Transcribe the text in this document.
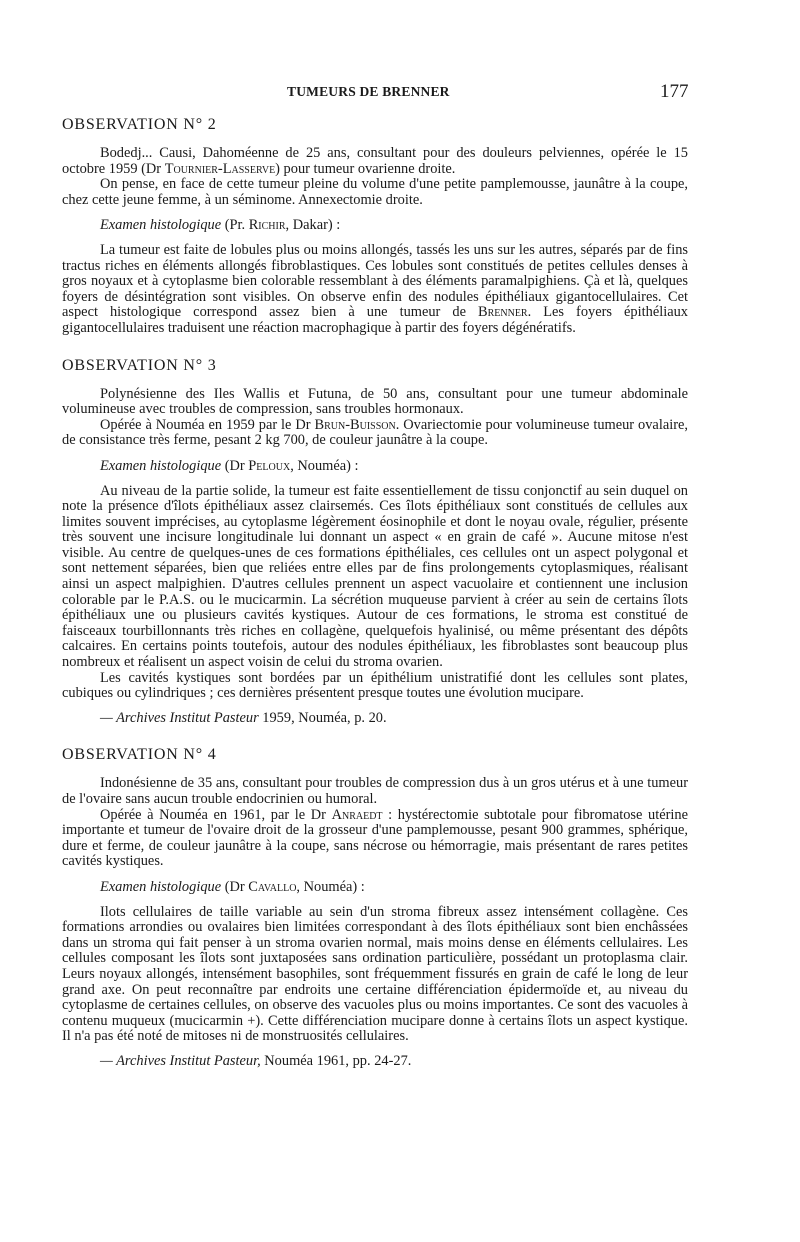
TUMEURS DE BRENNER	177
OBSERVATION N° 2

Bodedj... Causi, Dahoméenne de 25 ans, consultant pour des douleurs pelviennes, opérée le 15 octobre 1959 (Dr Tournier-Lasserve) pour tumeur ovarienne droite.

On pense, en face de cette tumeur pleine du volume d'une petite pamplemousse, jaunâtre à la coupe, chez cette jeune femme, à un séminome. Annexectomie droite.

Examen histologique (Pr. Richir, Dakar) :

La tumeur est faite de lobules plus ou moins allongés, tassés les uns sur les autres, séparés par de fins tractus riches en éléments allongés fibroblastiques. Ces lobules sont constitués de petites cellules denses à gros noyaux et à cytoplasme bien colorable ressemblant à des éléments paramalpighiens. Çà et là, quelques foyers de désintégration sont visibles. On observe enfin des nodules épithéliaux gigantocellulaires. Cet aspect histologique correspond assez bien à une tumeur de Brenner. Les foyers épithéliaux gigantocellulaires traduisent une réaction macrophagique à partir des foyers dégénératifs.

OBSERVATION N° 3

Polynésienne des Iles Wallis et Futuna, de 50 ans, consultant pour une tumeur abdominale volumineuse avec troubles de compression, sans troubles hormonaux.

Opérée à Nouméa en 1959 par le Dr Brun-Buisson. Ovariectomie pour volumineuse tumeur ovalaire, de consistance très ferme, pesant 2 kg 700, de couleur jaunâtre à la coupe.

Examen histologique (Dr Peloux, Nouméa) :

Au niveau de la partie solide, la tumeur est faite essentiellement de tissu conjonctif au sein duquel on note la présence d'îlots épithéliaux assez clairsemés. Ces îlots épithéliaux sont constitués de cellules aux limites souvent imprécises, au cytoplasme légèrement éosinophile et dont le noyau ovale, régulier, présente très souvent une incisure longitudinale lui donnant un aspect « en grain de café ». Aucune mitose n'est visible. Au centre de quelques-unes de ces formations épithéliales, ces cellules ont un aspect polygonal et sont nettement séparées, bien que reliées entre elles par de fins prolongements cytoplasmiques, réalisant ainsi un aspect malpighien. D'autres cellules prennent un aspect vacuolaire et contiennent une inclusion colorable par le P.A.S. ou le mucicarmin. La sécrétion muqueuse parvient à créer au sein de certains îlots épithéliaux une ou plusieurs cavités kystiques. Autour de ces formations, le stroma est constitué de faisceaux tourbillonnants très riches en collagène, quelquefois hyalinisé, ou même présentant des dépôts calcaires. En certains points toutefois, autour des nodules épithéliaux, les fibroblastes sont beaucoup plus nombreux et réalisent un aspect voisin de celui du stroma ovarien.

Les cavités kystiques sont bordées par un épithélium unistratifié dont les cellules sont plates, cubiques ou cylindriques ; ces dernières présentent presque toutes une évolution mucipare.

— Archives Institut Pasteur 1959, Nouméa, p. 20.

OBSERVATION N° 4

Indonésienne de 35 ans, consultant pour troubles de compression dus à un gros utérus et à une tumeur de l'ovaire sans aucun trouble endocrinien ou humoral.

Opérée à Nouméa en 1961, par le Dr Anraedt : hystérectomie subtotale pour fibromatose utérine importante et tumeur de l'ovaire droit de la grosseur d'une pamplemousse, pesant 900 grammes, sphérique, dure et ferme, de couleur jaunâtre à la coupe, sans nécrose ou hémorragie, mais présentant de rares petites cavités kystiques.

Examen histologique (Dr Cavallo, Nouméa) :

Ilots cellulaires de taille variable au sein d'un stroma fibreux assez intensément collagène. Ces formations arrondies ou ovalaires bien limitées correspondant à des îlots épithéliaux sont bien enchâssées dans un stroma qui fait penser à un stroma ovarien normal, mais moins dense en éléments cellulaires. Les cellules composant les îlots sont juxtaposées sans ordination particulière, possédant un protoplasma clair. Leurs noyaux allongés, intensément basophiles, sont fréquemment fissurés en grain de café le long de leur grand axe. On peut reconnaître par endroits une certaine différenciation épidermoïde et, au niveau du cytoplasme de certaines cellules, on observe des vacuoles plus ou moins importantes. Ce sont des vacuoles à contenu muqueux (mucicarmin +). Cette différenciation mucipare donne à certains îlots un aspect kystique. Il n'a pas été noté de mitoses ni de monstruosités cellulaires.

— Archives Institut Pasteur, Nouméa 1961, pp. 24-27.
